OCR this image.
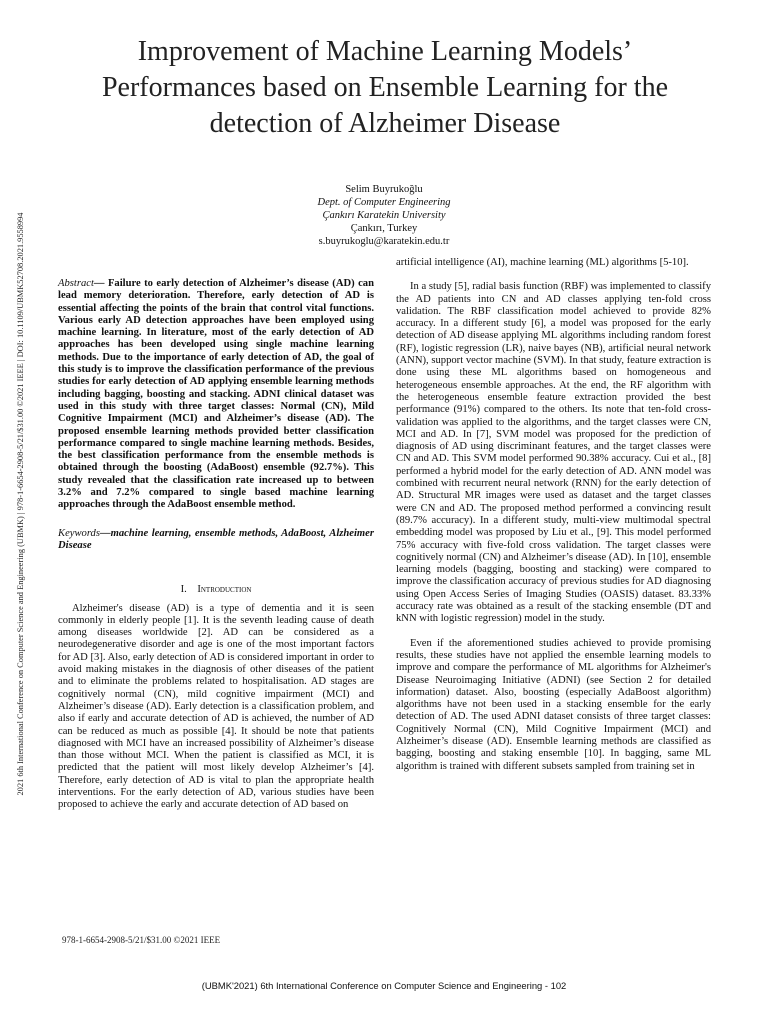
Improvement of Machine Learning Models’
Performances based on Ensemble Learning for the
detection of Alzheimer Disease
2021 6th International Conference on Computer Science and Engineering (UBMK) | 978-1-6654-2908-5/21/$31.00 ©2021 IEEE | DOI: 10.1109/UBMK52708.2021.9558994
Selim Buyrukoğlu
Dept. of Computer Engineering
Çankırı Karatekin University
Çankırı, Turkey
s.buyrukoglu@karatekin.edu.tr

Abstract— Failure to early detection of Alzheimer’s disease (AD) can lead memory deterioration. Therefore, early detection of AD is essential affecting the points of the brain that control vital functions. Various early AD detection approaches have been employed using machine learning. In literature, most of the early detection of AD approaches has been developed using single machine learning methods. Due to the importance of early detection of AD, the goal of this study is to improve the classification performance of the previous studies for early detection of AD applying ensemble learning methods including bagging, boosting and stacking. ADNI clinical dataset was used in this study with three target classes: Normal (CN), Mild Cognitive Impairment (MCI) and Alzheimer’s disease (AD). The proposed ensemble learning methods provided better classification performance compared to single machine learning methods. Besides, the best classification performance from the ensemble methods is obtained through the boosting (AdaBoost) ensemble (92.7%). This study revealed that the classification rate increased up to between 3.2% and 7.2% compared to single based machine learning approaches through the AdaBoost ensemble method.

Keywords—machine learning, ensemble methods, AdaBoost, Alzheimer Disease

I. Introduction

Alzheimer's disease (AD) is a type of dementia and it is seen commonly in elderly people [1]. It is the seventh leading cause of death among diseases worldwide [2]. AD can be considered as a neurodegenerative disorder and age is one of the most important factors for AD [3]. Also, early detection of AD is considered important in order to avoid making mistakes in the diagnosis of other diseases of the patient and to eliminate the problems related to hospitalisation. AD stages are cognitively normal (CN), mild cognitive impairment (MCI) and Alzheimer’s disease (AD). Early detection is a classification problem, and also if early and accurate detection of AD is achieved, the number of AD can be reduced as much as possible [4]. It should be note that patients diagnosed with MCI have an increased possibility of Alzheimer’s disease than those without MCI. When the patient is classified as MCI, it is predicted that the patient will most likely develop Alzheimer’s [4]. Therefore, early detection of AD is vital to plan the appropriate health interventions. For the early detection of AD, various studies have been proposed to achieve the early and accurate detection of AD based on

artificial intelligence (AI), machine learning (ML) algorithms [5-10].

In a study [5], radial basis function (RBF) was implemented to classify the AD patients into CN and AD classes applying ten-fold cross validation. The RBF classification model achieved to provide 82% accuracy. In a different study [6], a model was proposed for the early detection of AD disease applying ML algorithms including random forest (RF), logistic regression (LR), naive bayes (NB), artificial neural network (ANN), support vector machine (SVM). In that study, feature extraction is done using these ML algorithms based on homogeneous and heterogeneous ensemble approaches. At the end, the RF algorithm with the heterogeneous ensemble feature extraction provided the best performance (91%) compared to the others. Its note that ten-fold cross-validation was applied to the algorithms, and the target classes were CN, MCI and AD. In [7], SVM model was proposed for the prediction of diagnosis of AD using discriminant features, and the target classes were CN and AD. This SVM model performed 90.38% accuracy. Cui et al., [8] performed a hybrid model for the early detection of AD. ANN model was combined with recurrent neural network (RNN) for the early detection of AD. Structural MR images were used as dataset and the target classes were CN and AD. The proposed method performed a convincing result (89.7% accuracy). In a different study, multi-view multimodal spectral embedding model was proposed by Liu et al., [9]. This model performed 75% accuracy with five-fold cross validation. The target classes were cognitively normal (CN) and Alzheimer’s disease (AD). In [10], ensemble learning models (bagging, boosting and stacking) were compared to improve the classification accuracy of previous studies for AD diagnosing using Open Access Series of Imaging Studies (OASIS) dataset. 83.33% accuracy rate was obtained as a result of the stacking ensemble (DT and kNN with logistic regression) model in the study.

Even if the aforementioned studies achieved to provide promising results, these studies have not applied the ensemble learning models to improve and compare the performance of ML algorithms for Alzheimer's Disease Neuroimaging Initiative (ADNI) (see Section 2 for detailed information) dataset. Also, boosting (especially AdaBoost algorithm) algorithms have not been used in a stacking ensemble for the early detection of AD. The used ADNI dataset consists of three target classes: Cognitively Normal (CN), Mild Cognitive Impairment (MCI) and Alzheimer’s disease (AD). Ensemble learning methods are classified as bagging, boosting and staking ensemble [10]. In bagging, same ML algorithm is trained with different subsets sampled from training set in

978-1-6654-2908-5/21/$31.00 ©2021 IEEE
(UBMK'2021) 6th International Conference on Computer Science and Engineering - 102
